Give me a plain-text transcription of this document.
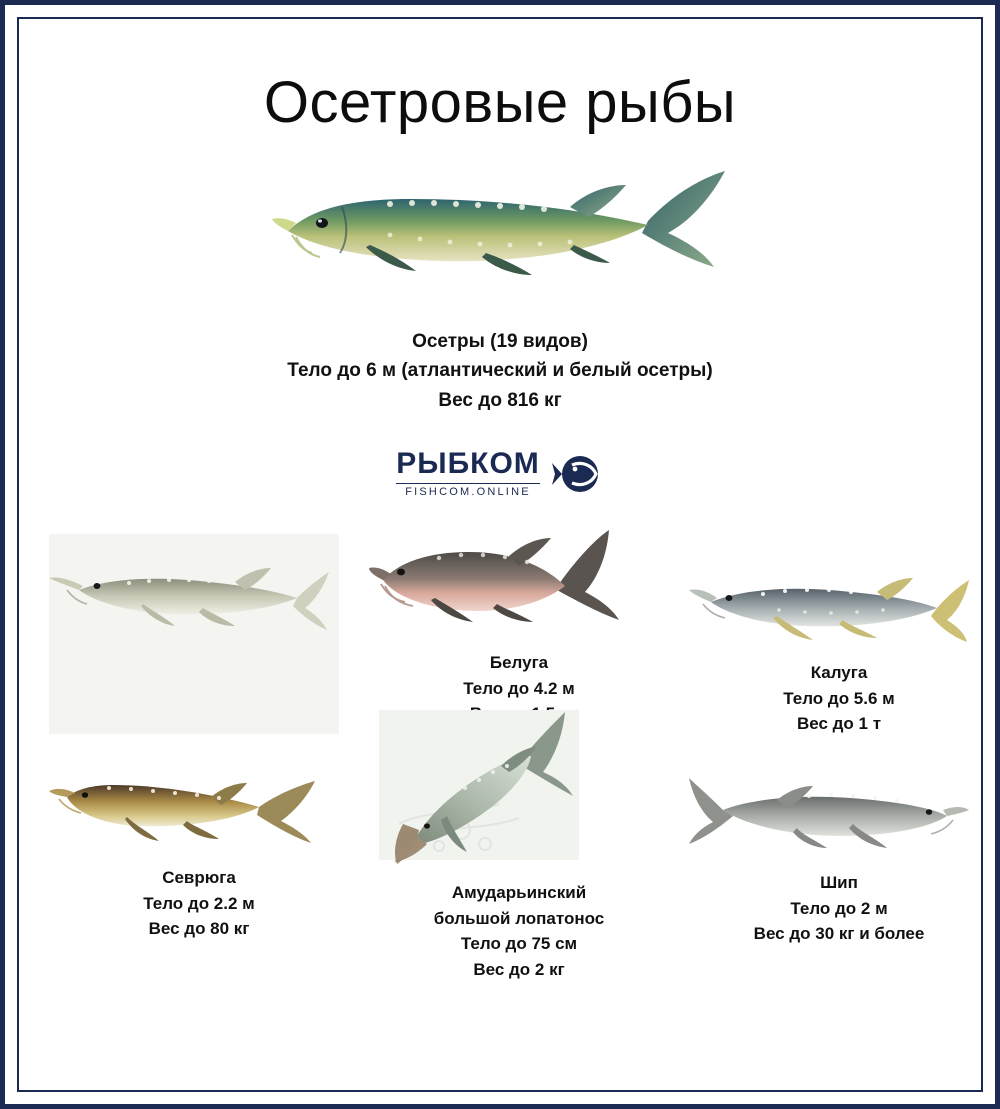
Осетровые рыбы
Осетры (19 видов)
Тело до 6 м (атлантический и белый осетры)
Вес до 816 кг
РЫБКОМ
FISHCOM.ONLINE
Белуга
Тело до 4.2 м
Калуга
Тело до 5.6 м
Вес до 1 т
Севрюга
Тело до 2.2 м
Вес до 80 кг
Амударьинский
большой лопатонос
Тело до 75 см
Вес до 2 кг
Шип
Тело до 2 м
Вес до 30 кг и более
